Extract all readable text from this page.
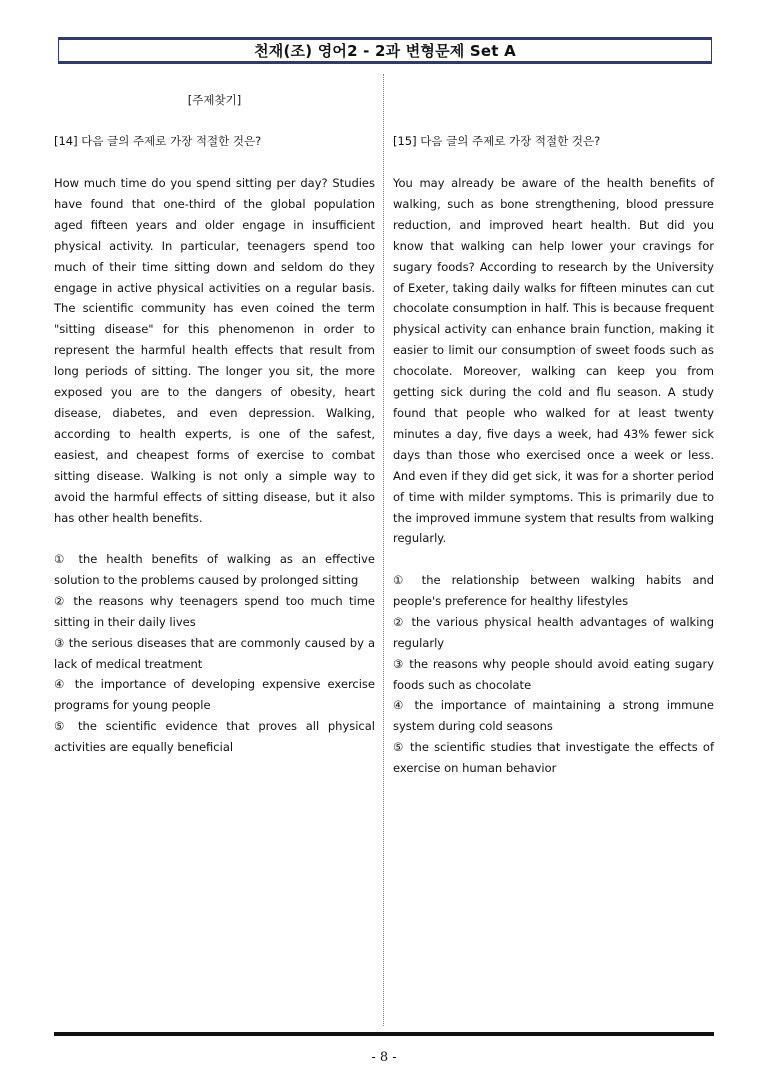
천재(조) 영어2 - 2과 변형문제 Set A
[주제찾기]
[14] 다음 글의 주제로 가장 적절한 것은?

How much time do you spend sitting per day? Studies have found that one-third of the global population aged fifteen years and older engage in insufficient physical activity. In particular, teenagers spend too much of their time sitting down and seldom do they engage in active physical activities on a regular basis. The scientific community has even coined the term "sitting disease" for this phenomenon in order to represent the harmful health effects that result from long periods of sitting. The longer you sit, the more exposed you are to the dangers of obesity, heart disease, diabetes, and even depression. Walking, according to health experts, is one of the safest, easiest, and cheapest forms of exercise to combat sitting disease. Walking is not only a simple way to avoid the harmful effects of sitting disease, but it also has other health benefits.

① the health benefits of walking as an effective solution to the problems caused by prolonged sitting
② the reasons why teenagers spend too much time sitting in their daily lives
③ the serious diseases that are commonly caused by a lack of medical treatment
④ the importance of developing expensive exercise programs for young people
⑤ the scientific evidence that proves all physical activities are equally beneficial
[15] 다음 글의 주제로 가장 적절한 것은?

You may already be aware of the health benefits of walking, such as bone strengthening, blood pressure reduction, and improved heart health. But did you know that walking can help lower your cravings for sugary foods? According to research by the University of Exeter, taking daily walks for fifteen minutes can cut chocolate consumption in half. This is because frequent physical activity can enhance brain function, making it easier to limit our consumption of sweet foods such as chocolate. Moreover, walking can keep you from getting sick during the cold and flu season. A study found that people who walked for at least twenty minutes a day, five days a week, had 43% fewer sick days than those who exercised once a week or less. And even if they did get sick, it was for a shorter period of time with milder symptoms. This is primarily due to the improved immune system that results from walking regularly.

① the relationship between walking habits and people's preference for healthy lifestyles
② the various physical health advantages of walking regularly
③ the reasons why people should avoid eating sugary foods such as chocolate
④ the importance of maintaining a strong immune system during cold seasons
⑤ the scientific studies that investigate the effects of exercise on human behavior
- 8 -
